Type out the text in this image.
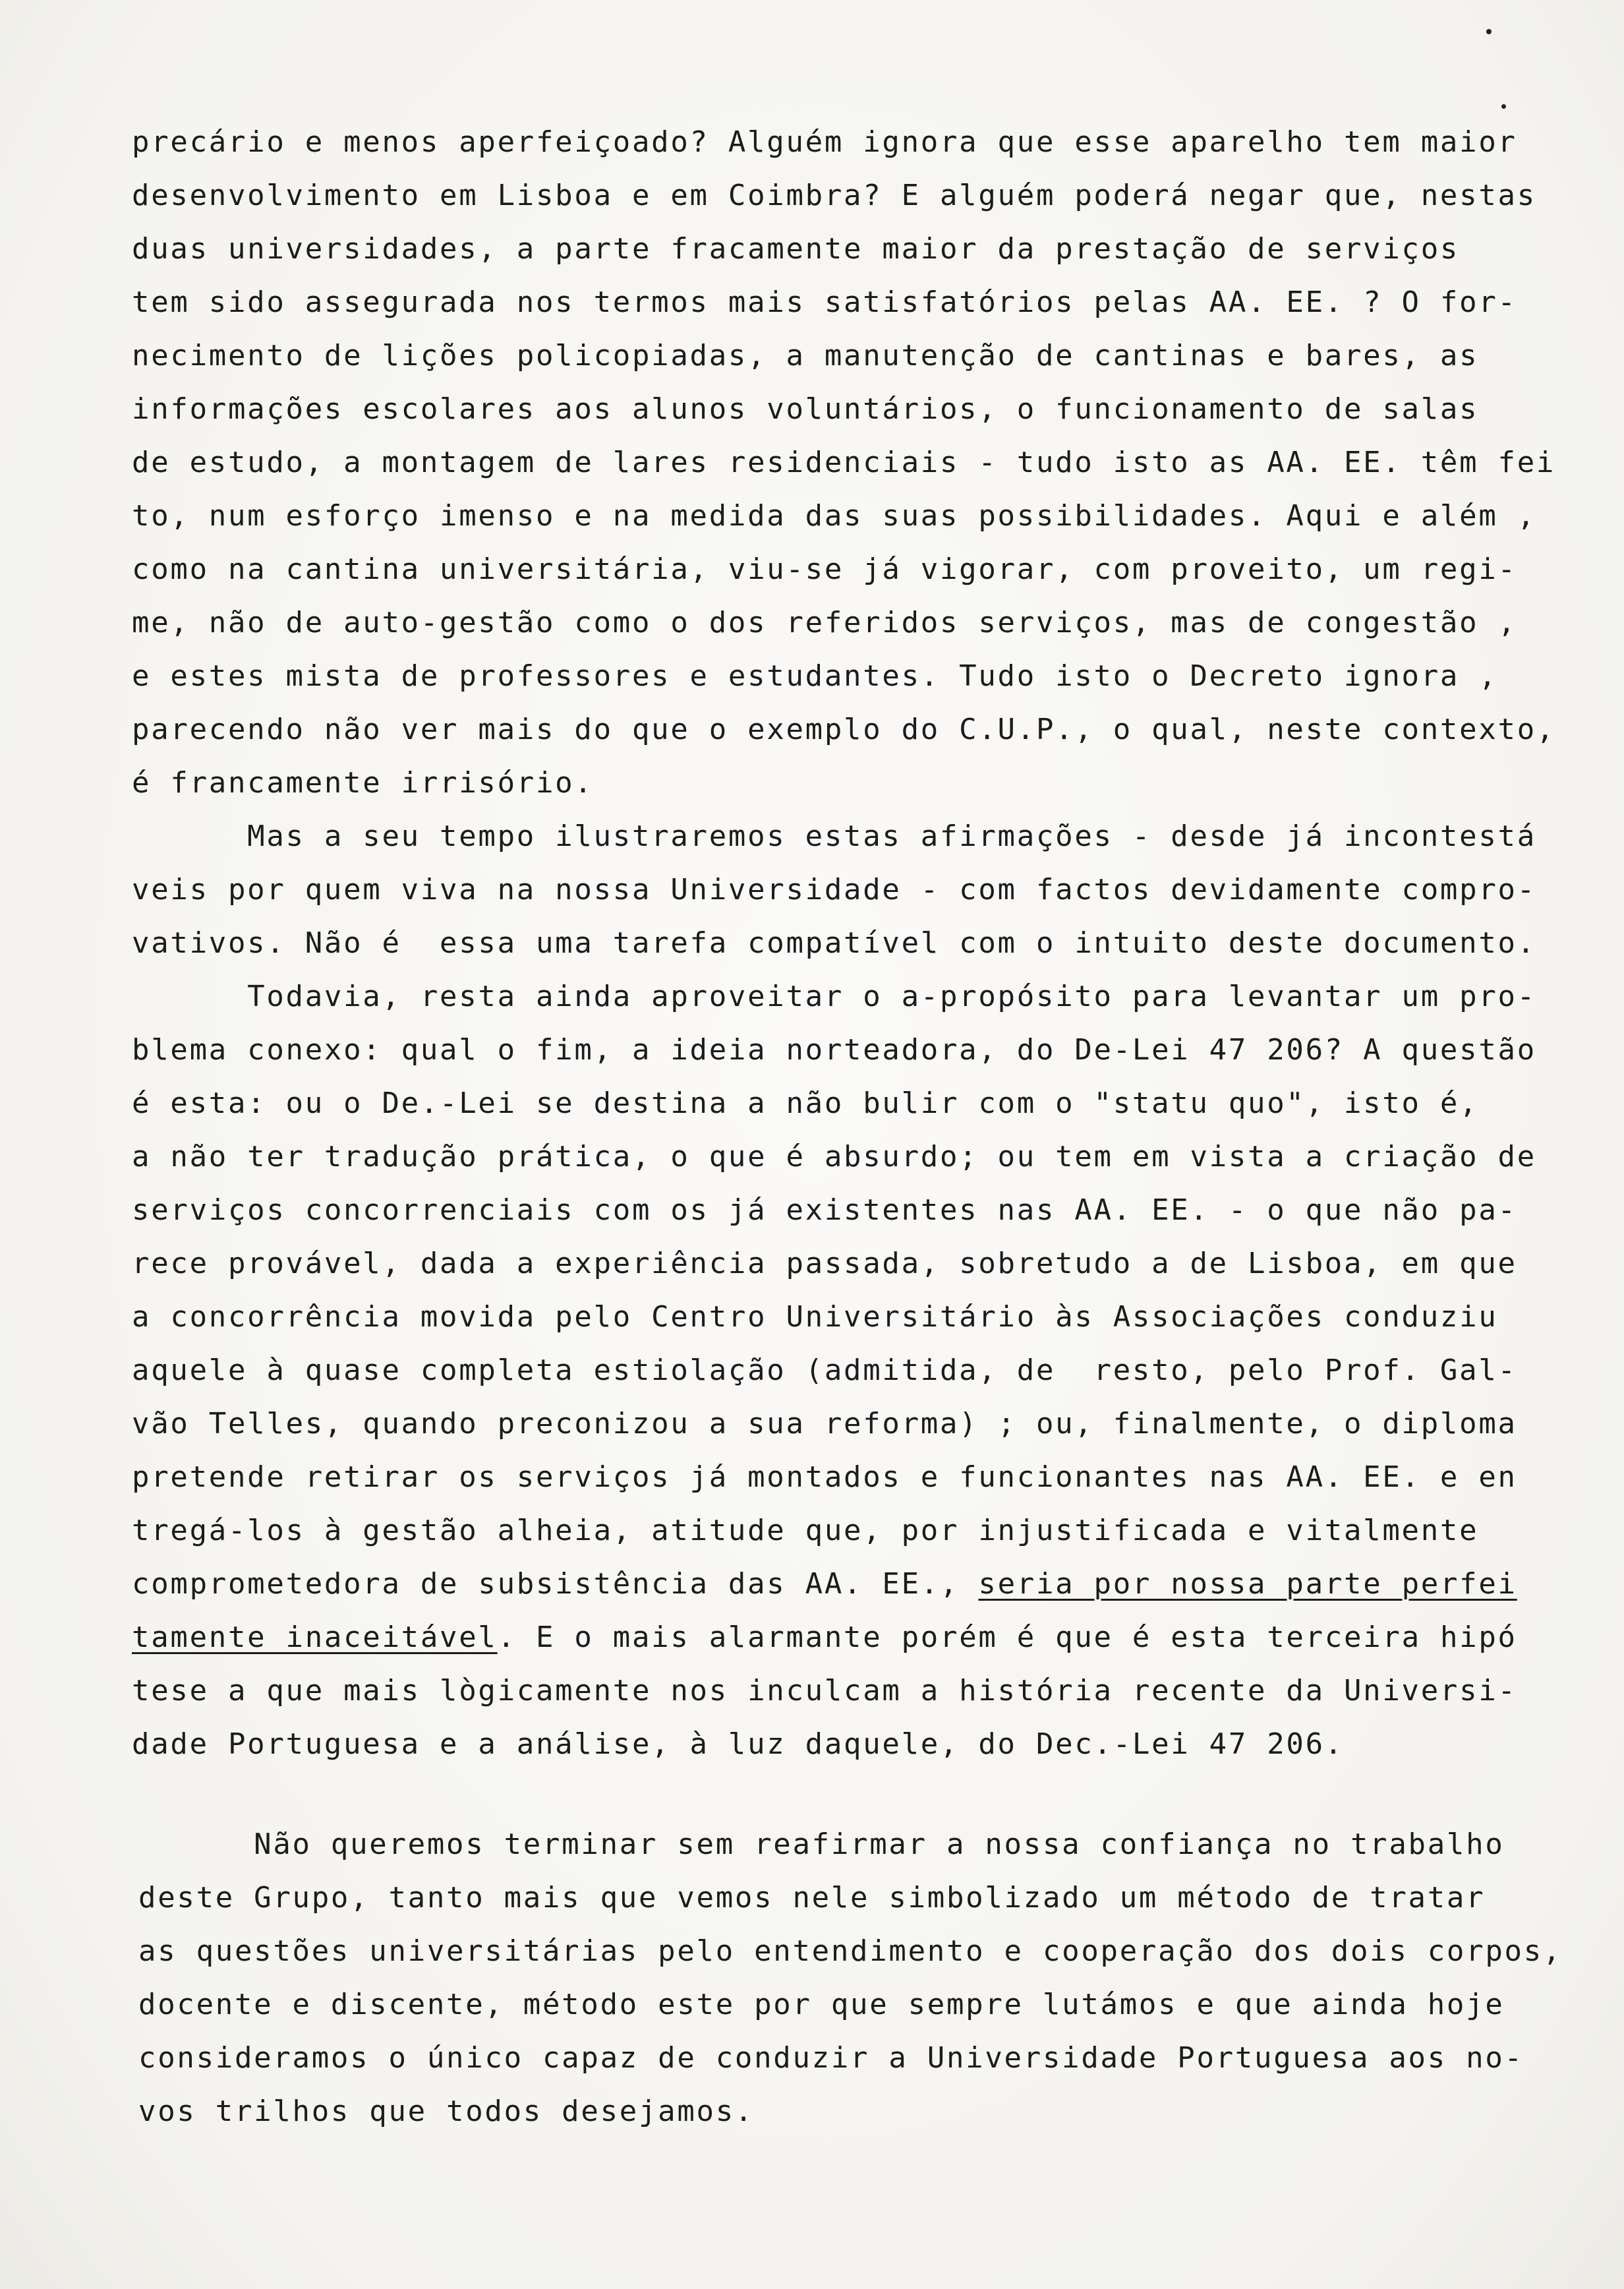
precário e menos aperfeiçoado? Alguém ignora que esse aparelho tem maior
desenvolvimento em Lisboa e em Coimbra? E alguém poderá negar que, nestas
duas universidades, a parte fracamente maior da prestação de serviços
tem sido assegurada nos termos mais satisfatórios pelas AA. EE. ? O for-
necimento de lições policopiadas, a manutenção de cantinas e bares, as
informações escolares aos alunos voluntários, o funcionamento de salas
de estudo, a montagem de lares residenciais - tudo isto as AA. EE. têm fei
to, num esforço imenso e na medida das suas possibilidades. Aqui e além ,
como na cantina universitária, viu-se já vigorar, com proveito, um regi-
me, não de auto-gestão como o dos referidos serviços, mas de congestão ,
e estes mista de professores e estudantes. Tudo isto o Decreto ignora ,
parecendo não ver mais do que o exemplo do C.U.P., o qual, neste contexto,
é francamente irrisório.
Mas a seu tempo ilustraremos estas afirmações - desde já incontestá
veis por quem viva na nossa Universidade - com factos devidamente compro-
vativos. Não é  essa uma tarefa compatível com o intuito deste documento.
Todavia, resta ainda aproveitar o a-propósito para levantar um pro-
blema conexo: qual o fim, a ideia norteadora, do De-Lei 47 206? A questão
é esta: ou o De.-Lei se destina a não bulir com o "statu quo", isto é,
a não ter tradução prática, o que é absurdo; ou tem em vista a criação de
serviços concorrenciais com os já existentes nas AA. EE. - o que não pa-
rece provável, dada a experiência passada, sobretudo a de Lisboa, em que
a concorrência movida pelo Centro Universitário às Associações conduziu
aquele à quase completa estiolação (admitida, de  resto, pelo Prof. Gal-
vão Telles, quando preconizou a sua reforma) ; ou, finalmente, o diploma
pretende retirar os serviços já montados e funcionantes nas AA. EE. e en
tregá-los à gestão alheia, atitude que, por injustificada e vitalmente
comprometedora de subsistência das AA. EE., seria por nossa parte perfei
tamente inaceitável. E o mais alarmante porém é que é esta terceira hipó
tese a que mais lògicamente nos inculcam a história recente da Universi-
dade Portuguesa e a análise, à luz daquele, do Dec.-Lei 47 206.
Não queremos terminar sem reafirmar a nossa confiança no trabalho
deste Grupo, tanto mais que vemos nele simbolizado um método de tratar
as questões universitárias pelo entendimento e cooperação dos dois corpos,
docente e discente, método este por que sempre lutámos e que ainda hoje
consideramos o único capaz de conduzir a Universidade Portuguesa aos no-
vos trilhos que todos desejamos.
